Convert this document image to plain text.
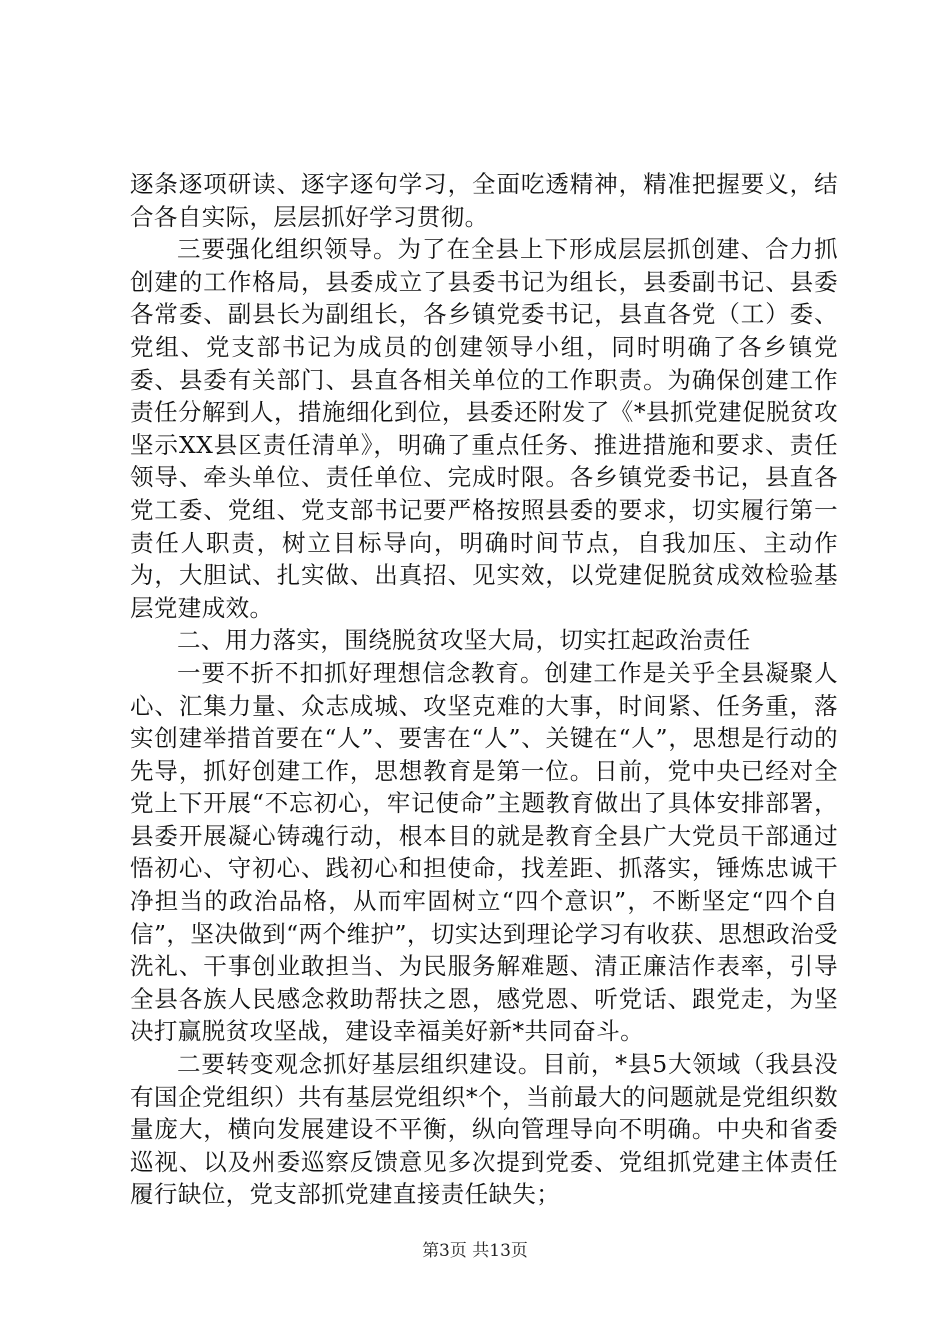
逐条逐项研读、逐字逐句学习，全面吃透精神，精准把握要义，结合各自实际，层层抓好学习贯彻。

三要强化组织领导。为了在全县上下形成层层抓创建、合力抓创建的工作格局，县委成立了县委书记为组长，县委副书记、县委各常委、副县长为副组长，各乡镇党委书记，县直各党（工）委、党组、党支部书记为成员的创建领导小组，同时明确了各乡镇党委、县委有关部门、县直各相关单位的工作职责。为确保创建工作责任分解到人，措施细化到位，县委还附发了《*县抓党建促脱贫攻坚示XX县区责任清单》，明确了重点任务、推进措施和要求、责任领导、牵头单位、责任单位、完成时限。各乡镇党委书记，县直各党工委、党组、党支部书记要严格按照县委的要求，切实履行第一责任人职责，树立目标导向，明确时间节点，自我加压、主动作为，大胆试、扎实做、出真招、见实效，以党建促脱贫成效检验基层党建成效。

二、用力落实，围绕脱贫攻坚大局，切实扛起政治责任

一要不折不扣抓好理想信念教育。创建工作是关乎全县凝聚人心、汇集力量、众志成城、攻坚克难的大事，时间紧、任务重，落实创建举措首要在“人”、要害在“人”、关键在“人”，思想是行动的先导，抓好创建工作，思想教育是第一位。日前，党中央已经对全党上下开展“不忘初心，牢记使命”主题教育做出了具体安排部署，县委开展凝心铸魂行动，根本目的就是教育全县广大党员干部通过悟初心、守初心、践初心和担使命，找差距、抓落实，锤炼忠诚干净担当的政治品格，从而牢固树立“四个意识”，不断坚定“四个自信”，坚决做到“两个维护”，切实达到理论学习有收获、思想政治受洗礼、干事创业敢担当、为民服务解难题、清正廉洁作表率，引导全县各族人民感念救助帮扶之恩，感党恩、听党话、跟党走，为坚决打赢脱贫攻坚战，建设幸福美好新*共同奋斗。

二要转变观念抓好基层组织建设。目前，*县5大领域（我县没有国企党组织）共有基层党组织*个，当前最大的问题就是党组织数量庞大，横向发展建设不平衡，纵向管理导向不明确。中央和省委巡视、以及州委巡察反馈意见多次提到党委、党组抓党建主体责任履行缺位，党支部抓党建直接责任缺失；

第3页 共13页
